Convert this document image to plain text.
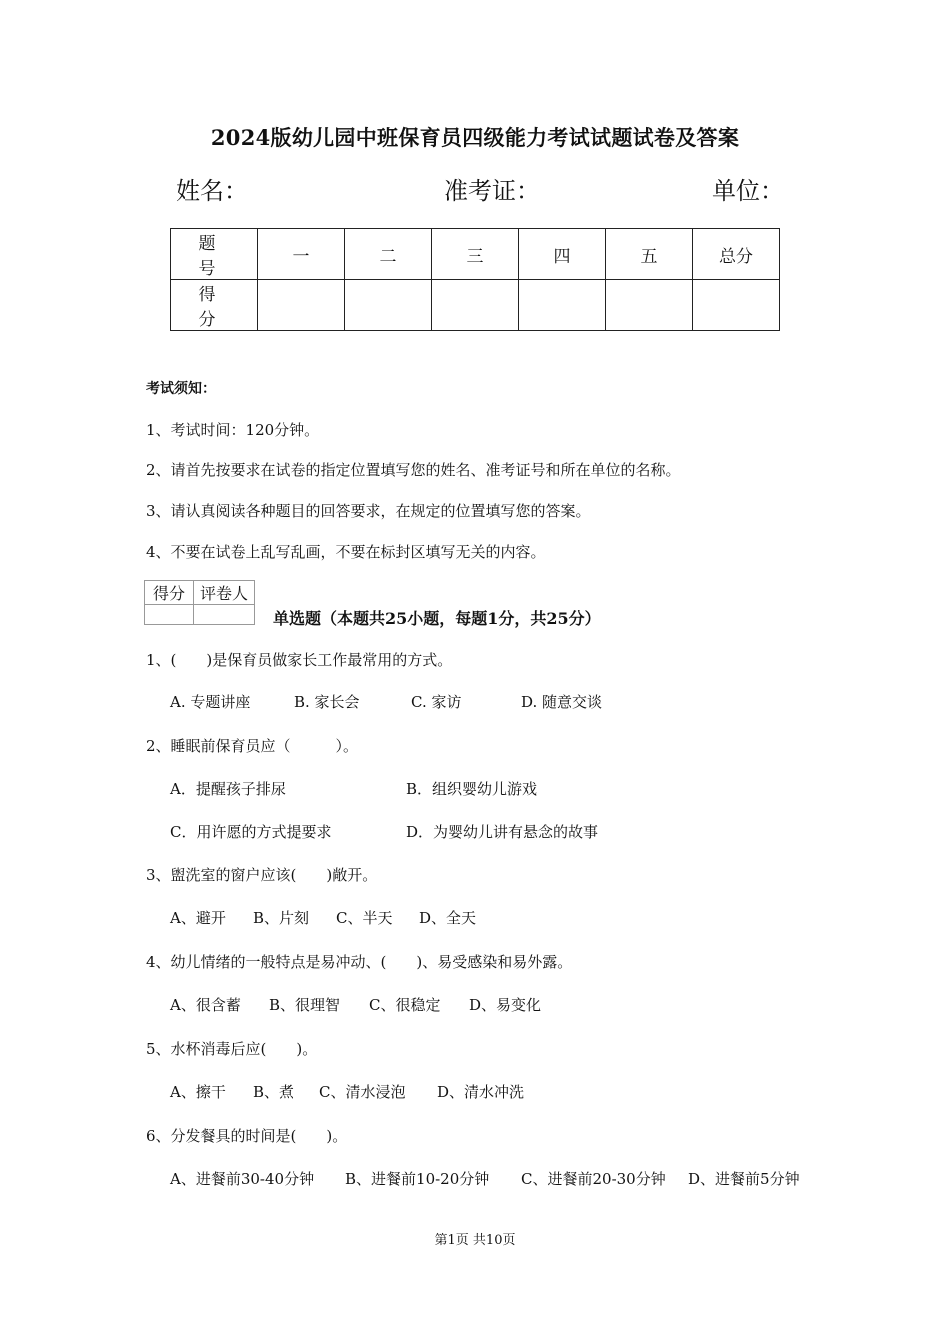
2024版幼儿园中班保育员四级能力考试试题试卷及答案
姓名：	准考证：	单位：
题　号	一	二	三	四	五	总分
得　分						
考试须知：
1、考试时间：120分钟。
2、请首先按要求在试卷的指定位置填写您的姓名、准考证号和所在单位的名称。
3、请认真阅读各种题目的回答要求，在规定的位置填写您的答案。
4、不要在试卷上乱写乱画，不要在标封区填写无关的内容。
得分	评卷人

单选题（本题共25小题，每题1分，共25分）
1、(　　)是保育员做家长工作最常用的方式。
A. 专题讲座	B. 家长会	C. 家访	D. 随意交谈
2、睡眠前保育员应（　　　）。
A．提醒孩子排尿	B．组织婴幼儿游戏
C．用许愿的方式提要求	D．为婴幼儿讲有悬念的故事
3、盥洗室的窗户应该(　　)敞开。
A、避开 B、片刻 C、半天 D、全天
4、幼儿情绪的一般特点是易冲动、(　　)、易受感染和易外露。
A、很含蓄 B、很理智 C、很稳定 D、易变化
5、水杯消毒后应(　　)。
A、擦干 B、煮 C、清水浸泡 D、清水冲洗
6、分发餐具的时间是(　　)。
A、进餐前30-40分钟 B、进餐前10-20分钟 C、进餐前20-30分钟 D、进餐前5分钟
第1页 共10页
